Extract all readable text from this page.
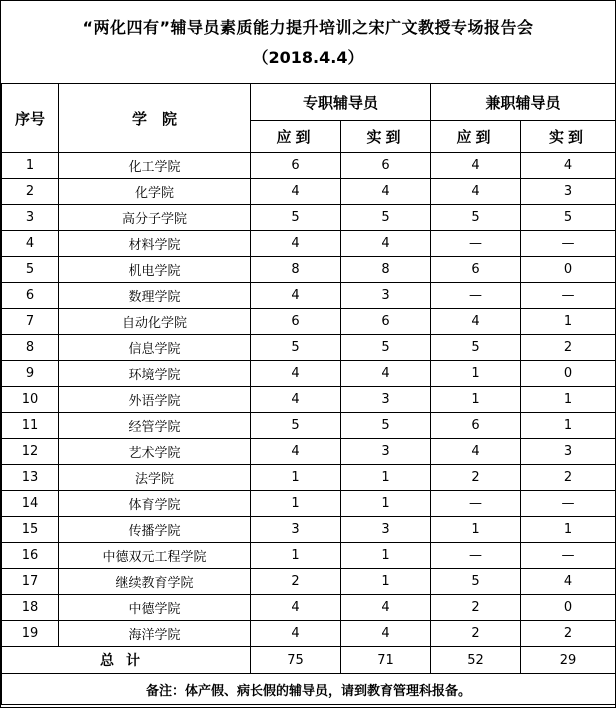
“两化四有”辅导员素质能力提升培训之宋广文教授专场报告会
（2018.4.4）
序号	学　院	专职辅导员		兼职辅导员	
		应到	实到	应到	实到
1	化工学院	6	6	4	4
2	化学院	4	4	4	3
3	高分子学院	5	5	5	5
4	材料学院	4	4	—	—
5	机电学院	8	8	6	0
6	数理学院	4	3	—	—
7	自动化学院	6	6	4	1
8	信息学院	5	5	5	2
9	环境学院	4	4	1	0
10	外语学院	4	3	1	1
11	经管学院	5	5	6	1
12	艺术学院	4	3	4	3
13	法学院	1	1	2	2
14	体育学院	1	1	—	—
15	传播学院	3	3	1	1
16	中德双元工程学院	1	1	—	—
17	继续教育学院	2	1	5	4
18	中德学院	4	4	2	0
19	海洋学院	4	4	2	2
总计		75	71	52	29
备注：体产假、病长假的辅导员，请到教育管理科报备。					
